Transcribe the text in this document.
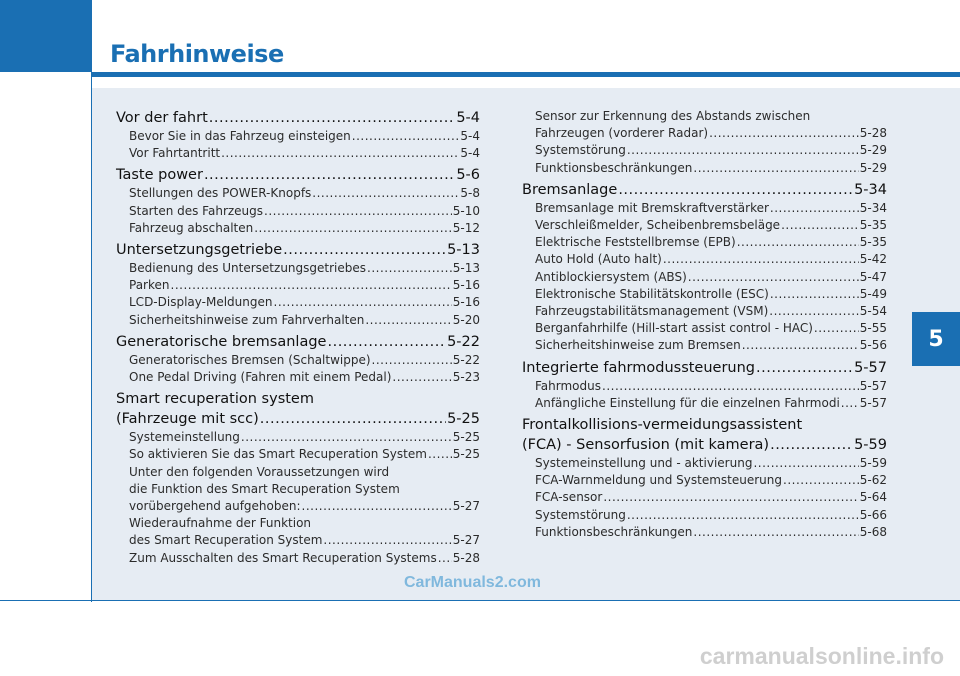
Fahrhinweise
5
Vor der fahrt .....	5-4
Bevor Sie in das Fahrzeug einsteigen .....	5-4
Vor Fahrtantritt .....	5-4
Taste power .....	5-6
Stellungen des POWER-Knopfs .....	5-8
Starten des Fahrzeugs .....	5-10
Fahrzeug abschalten .....	5-12
Untersetzungsgetriebe .....	5-13
Bedienung des Untersetzungsgetriebes .....	5-13
Parken .....	5-16
LCD-Display-Meldungen .....	5-16
Sicherheitshinweise zum Fahrverhalten .....	5-20
Generatorische bremsanlage .....	5-22
Generatorisches Bremsen (Schaltwippe) .....	5-22
One Pedal Driving (Fahren mit einem Pedal) .....	5-23
Smart recuperation system
(Fahrzeuge mit scc) .....	5-25
Systemeinstellung .....	5-25
So aktivieren Sie das Smart Recuperation System ..... 5-25
Unter den folgenden Voraussetzungen wird
die Funktion des Smart Recuperation System
vorübergehend aufgehoben: .....	5-27
Wiederaufnahme der Funktion
des Smart Recuperation System .....	5-27
Zum Ausschalten des Smart Recuperation Systems ..... 5-28
Sensor zur Erkennung des Abstands zwischen
Fahrzeugen (vorderer Radar) .....	5-28
Systemstörung .....	5-29
Funktionsbeschränkungen .....	5-29
Bremsanlage .....	5-34
Bremsanlage mit Bremskraftverstärker .....	5-34
Verschleißmelder, Scheibenbremsbeläge .....	5-35
Elektrische Feststellbremse (EPB) .....	5-35
Auto Hold (Auto halt) .....	5-42
Antiblockiersystem (ABS) .....	5-47
Elektronische Stabilitätskontrolle (ESC) .....	5-49
Fahrzeugstabilitätsmanagement (VSM) .....	5-54
Berganfahrhilfe (Hill-start assist control - HAC) .....	5-55
Sicherheitshinweise zum Bremsen .....	5-56
Integrierte fahrmodussteuerung .....	5-57
Fahrmodus .....	5-57
Anfängliche Einstellung für die einzelnen Fahrmodi ..... 5-57
Frontalkollisions-vermeidungsassistent
(FCA) - Sensorfusion (mit kamera) .....	5-59
Systemeinstellung und - aktivierung .....	5-59
FCA-Warnmeldung und Systemsteuerung .....	5-62
FCA-sensor .....	5-64
Systemstörung .....	5-66
Funktionsbeschränkungen .....	5-68
CarManuals2.com
carmanualsonline.info
